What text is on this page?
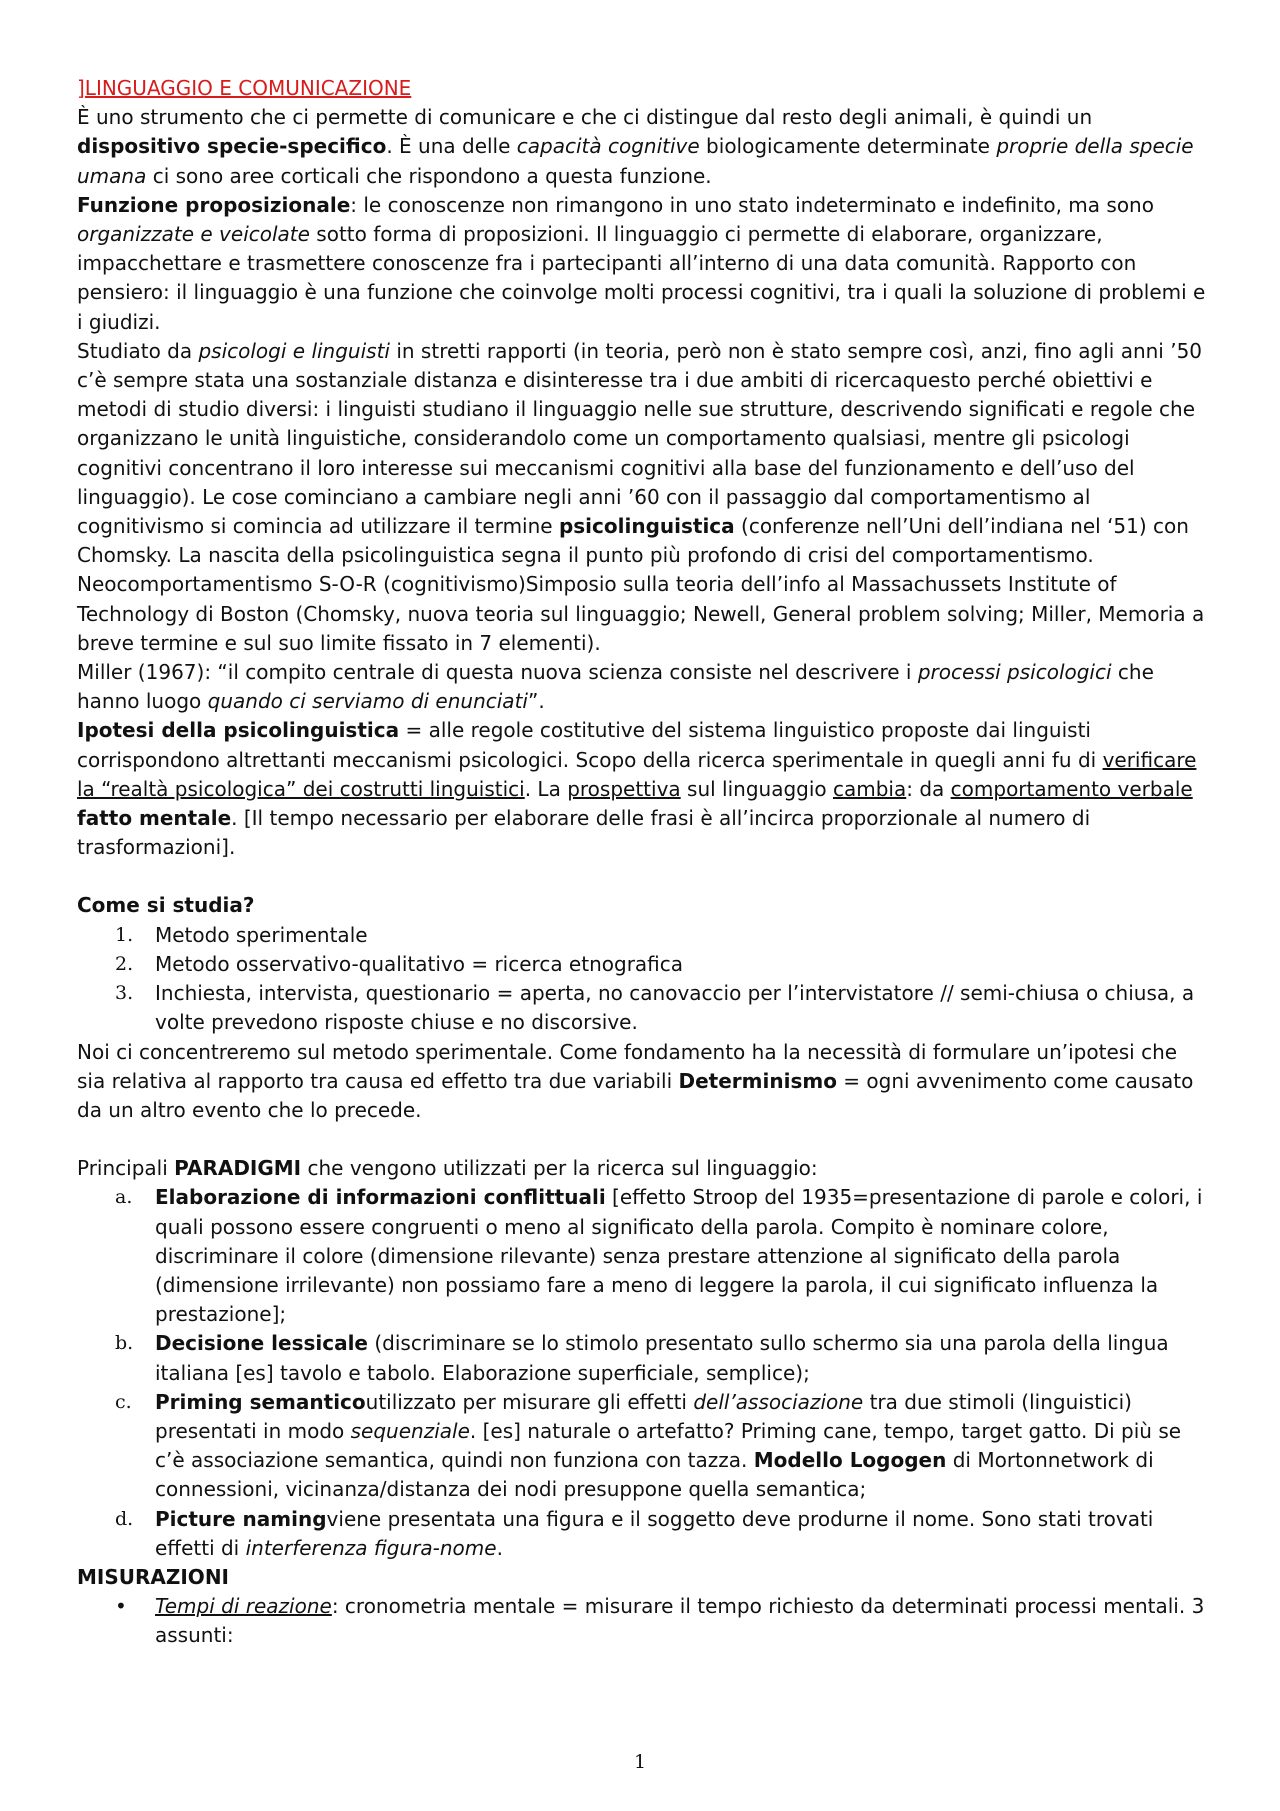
]LINGUAGGIO E COMUNICAZIONE

È uno strumento che ci permette di comunicare e che ci distingue dal resto degli animali, è quindi un dispositivo specie-specifico. È una delle capacità cognitive biologicamente determinate proprie della specie umana ci sono aree corticali che rispondono a questa funzione.

Funzione proposizionale: le conoscenze non rimangono in uno stato indeterminato e indefinito, ma sono organizzate e veicolate sotto forma di proposizioni. Il linguaggio ci permette di elaborare, organizzare, impacchettare e trasmettere conoscenze fra i partecipanti all’interno di una data comunità. Rapporto con pensiero: il linguaggio è una funzione che coinvolge molti processi cognitivi, tra i quali la soluzione di problemi e i giudizi.

Studiato da psicologi e linguisti in stretti rapporti (in teoria, però non è stato sempre così, anzi, fino agli anni ’50 c’è sempre stata una sostanziale distanza e disinteresse tra i due ambiti di ricercaquesto perché obiettivi e metodi di studio diversi: i linguisti studiano il linguaggio nelle sue strutture, descrivendo significati e regole che organizzano le unità linguistiche, considerandolo come un comportamento qualsiasi, mentre gli psicologi cognitivi concentrano il loro interesse sui meccanismi cognitivi alla base del funzionamento e dell’uso del linguaggio). Le cose cominciano a cambiare negli anni ’60 con il passaggio dal comportamentismo al cognitivismo si comincia ad utilizzare il termine psicolinguistica (conferenze nell’Uni dell’indiana nel ‘51) con Chomsky. La nascita della psicolinguistica segna il punto più profondo di crisi del comportamentismo.

Neocomportamentismo S-O-R (cognitivismo)Simposio sulla teoria dell’info al Massachussets Institute of Technology di Boston (Chomsky, nuova teoria sul linguaggio; Newell, General problem solving; Miller, Memoria a breve termine e sul suo limite fissato in 7 elementi).

Miller (1967): “il compito centrale di questa nuova scienza consiste nel descrivere i processi psicologici che hanno luogo quando ci serviamo di enunciati”.

Ipotesi della psicolinguistica = alle regole costitutive del sistema linguistico proposte dai linguisti corrispondono altrettanti meccanismi psicologici. Scopo della ricerca sperimentale in quegli anni fu di verificare la “realtà psicologica” dei costrutti linguistici. La prospettiva sul linguaggio cambia: da comportamento verbale fatto mentale. [Il tempo necessario per elaborare delle frasi è all’incirca proporzionale al numero di trasformazioni].

Come si studia?

1.	Metodo sperimentale
2.	Metodo osservativo-qualitativo = ricerca etnografica
3.	Inchiesta, intervista, questionario = aperta, no canovaccio per l’intervistatore // semi-chiusa o chiusa, a volte prevedono risposte chiuse e no discorsive.

Noi ci concentreremo sul metodo sperimentale. Come fondamento ha la necessità di formulare un’ipotesi che sia relativa al rapporto tra causa ed effetto tra due variabili Determinismo = ogni avvenimento come causato da un altro evento che lo precede.

Principali PARADIGMI che vengono utilizzati per la ricerca sul linguaggio:

a.	Elaborazione di informazioni conflittuali [effetto Stroop del 1935=presentazione di parole e colori, i quali possono essere congruenti o meno al significato della parola. Compito è nominare colore, discriminare il colore (dimensione rilevante) senza prestare attenzione al significato della parola (dimensione irrilevante) non possiamo fare a meno di leggere la parola, il cui significato influenza la prestazione];
b.	Decisione lessicale (discriminare se lo stimolo presentato sullo schermo sia una parola della lingua italiana [es] tavolo e tabolo. Elaborazione superficiale, semplice);
c.	Priming semanticoutilizzato per misurare gli effetti dell’associazione tra due stimoli (linguistici) presentati in modo sequenziale. [es] naturale o artefatto? Priming cane, tempo, target gatto. Di più se c’è associazione semantica, quindi non funziona con tazza. Modello Logogen di Mortonnetwork di connessioni, vicinanza/distanza dei nodi presuppone quella semantica;
d.	Picture namingviene presentata una figura e il soggetto deve produrne il nome. Sono stati trovati effetti di interferenza figura-nome.

MISURAZIONI

•	Tempi di reazione: cronometria mentale = misurare il tempo richiesto da determinati processi mentali. 3 assunti:
1
